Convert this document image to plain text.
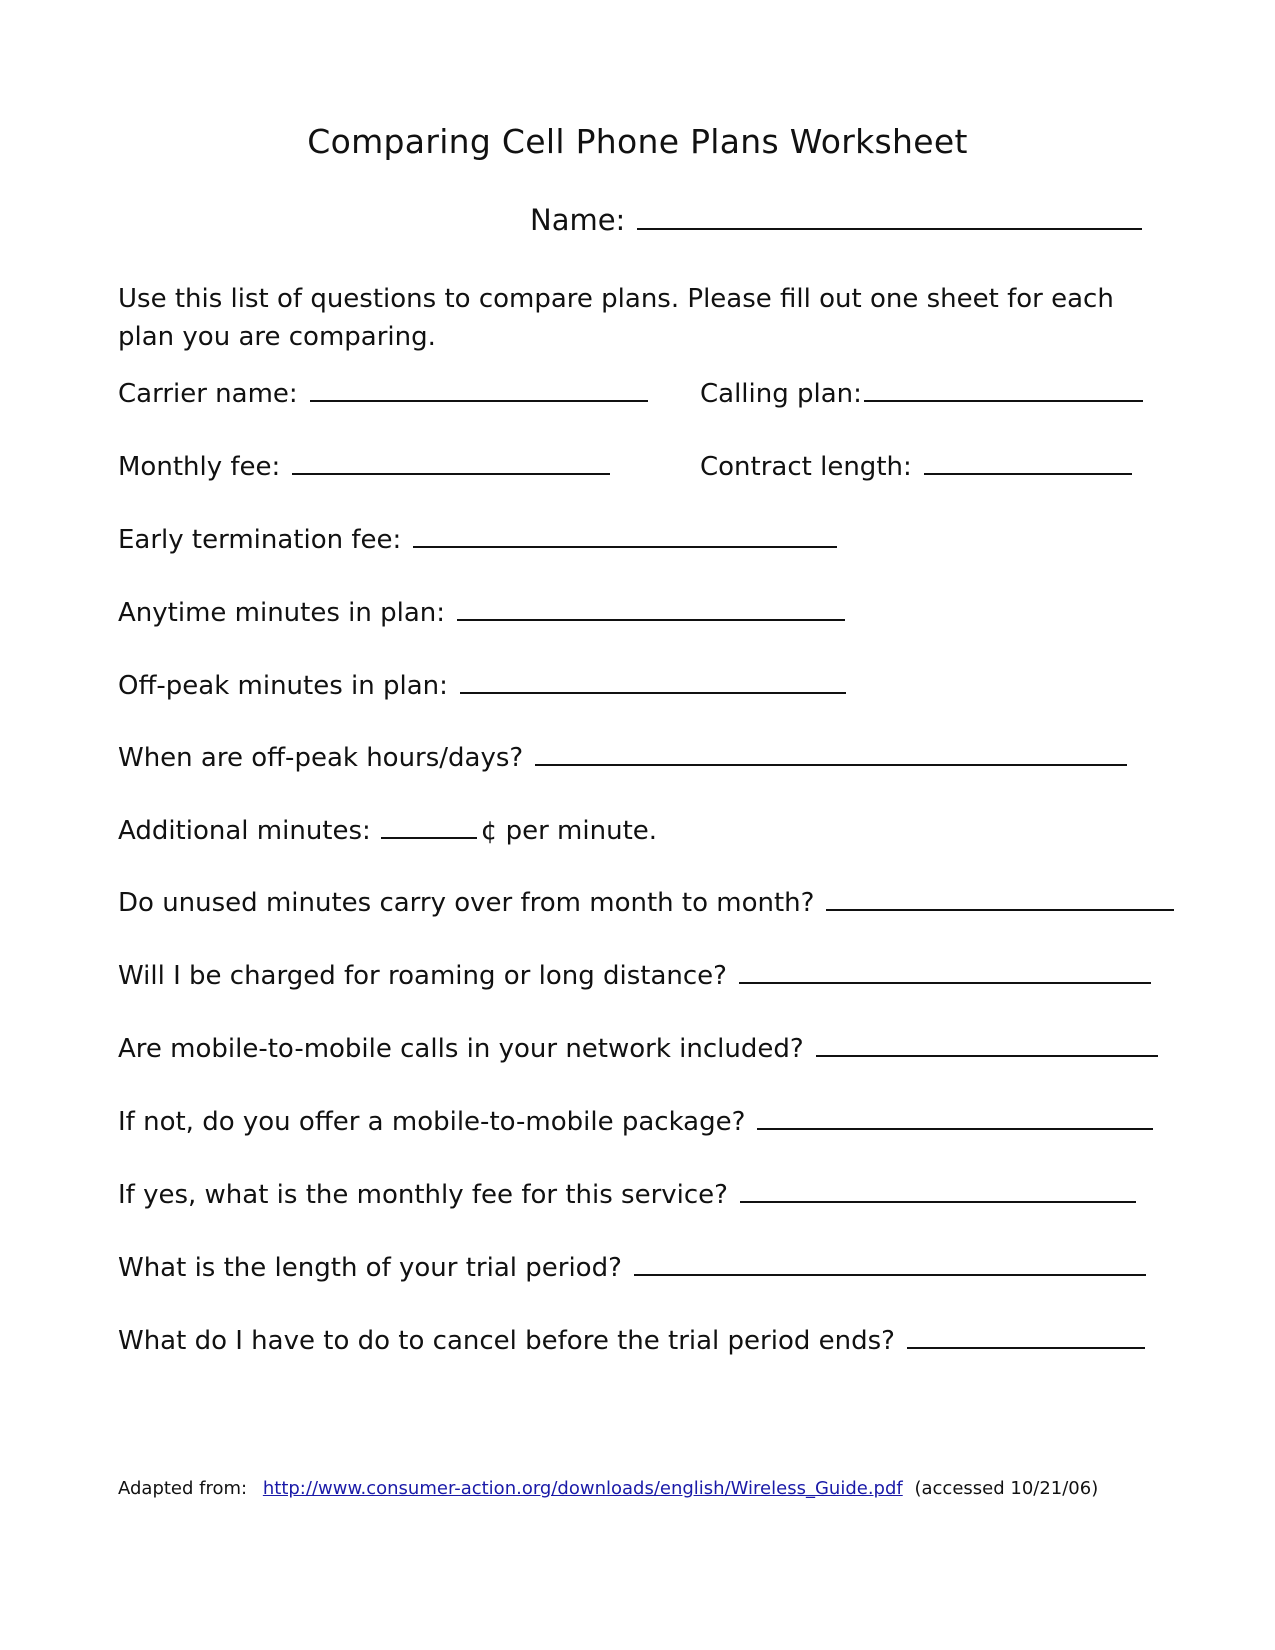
Comparing Cell Phone Plans Worksheet
Name:
Use this list of questions to compare plans. Please fill out one sheet for each plan you are comparing.
Carrier name:	Calling plan:
Monthly fee:	Contract length:
Early termination fee:
Anytime minutes in plan:
Off-peak minutes in plan:
When are off-peak hours/days?
Additional minutes:	¢ per minute.
Do unused minutes carry over from month to month?
Will I be charged for roaming or long distance?
Are mobile-to-mobile calls in your network included?
If not, do you offer a mobile-to-mobile package?
If yes, what is the monthly fee for this service?
What is the length of your trial period?
What do I have to do to cancel before the trial period ends?
Adapted from: http://www.consumer-action.org/downloads/english/Wireless_Guide.pdf (accessed 10/21/06)
